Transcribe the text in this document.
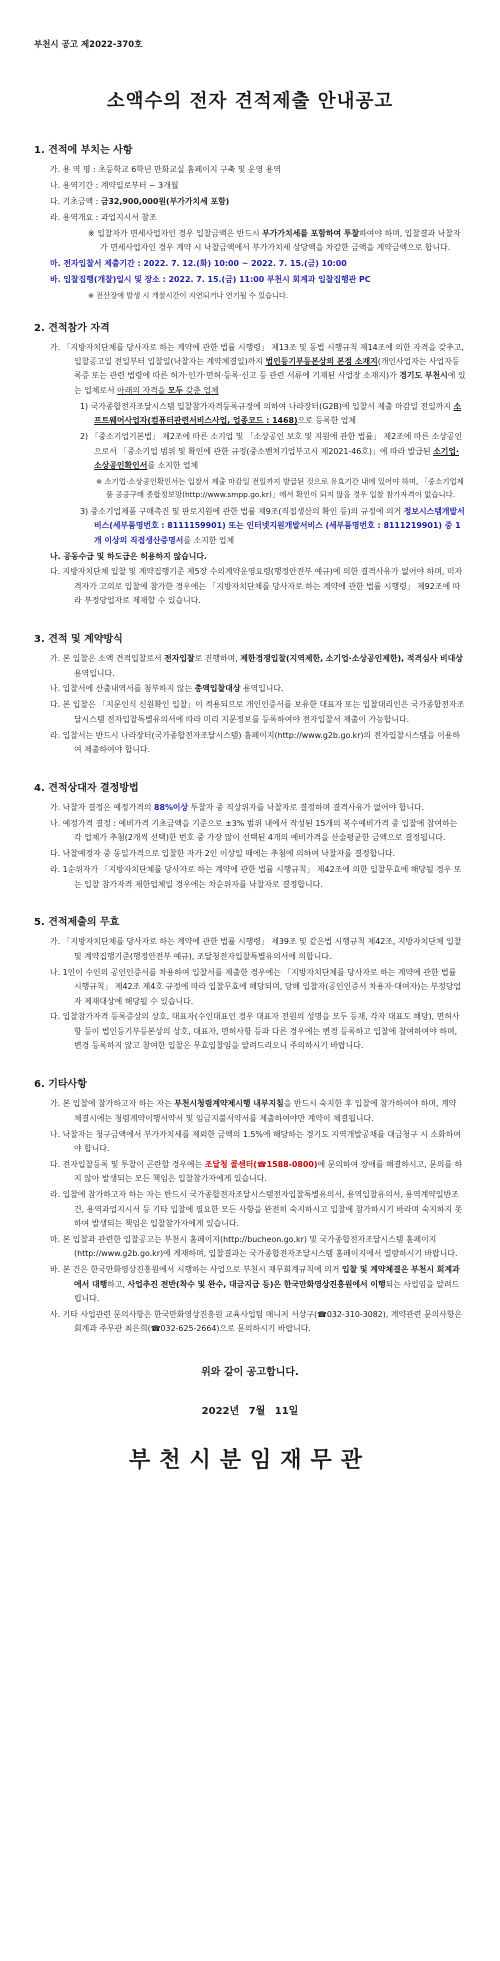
부천시 공고 제2022-370호
소액수의 전자 견적제출 안내공고
1. 견적에 부치는 사항
가. 용 역 명 : 초등학교 6학년 만화교실 홈페이지 구축 및 운영 용역
나. 용역기간 : 계약일로부터 ~ 3개월
다. 기초금액 : 금32,900,000원(부가가치세 포함)
라. 용역개요 : 과업지시서 참조
※ 입찰자가 면세사업자인 경우 입찰금액은 반드시 부가가치세를 포함하여 투찰하여야 하며, 입찰결과 낙찰자가 면세사업자인 경우 계약 시 낙찰금액에서 부가가치세 상당액을 차감한 금액을 계약금액으로 합니다.
마. 전자입찰서 제출기간 : 2022. 7. 12.(화) 10:00 ~ 2022. 7. 15.(금) 10:00
바. 입찰집행(개찰)일시 및 장소 : 2022. 7. 15.(금) 11:00 부천시 회계과 입찰집행관 PC
※ 전산장애 발생 시 개찰시간이 지연되거나 연기될 수 있습니다.
2. 견적참가 자격
가. 「지방자치단체를 당사자로 하는 계약에 관한 법률 시행령」 제13조 및 동법 시행규칙 제14조에 의한 자격을 갖추고, 입찰공고일 전일부터 입찰일(낙찰자는 계약체결일)까지 법인등기부등본상의 본점 소재지(개인사업자는 사업자등록증 또는 관련 법령에 따른 허가·인가·면허·등록·신고 등 관련 서류에 기재된 사업장 소재지)가 경기도 부천시에 있는 업체로서 아래의 자격을 모두 갖춘 업체
1) 국가종합전자조달시스템 입찰참가자격등록규정에 의하여 나라장터(G2B)에 입찰서 제출 마감일 전일까지 소프트웨어사업자(컴퓨터관련서비스사업, 업종코드 : 1468)으로 등록한 업체
2) 「중소기업기본법」 제2조에 따른 소기업 및 「소상공인 보호 및 지원에 관한 법률」 제2조에 따른 소상공인으로서 「중소기업 범위 및 확인에 관한 규정(중소벤처기업부고시 제2021-46호)」에 따라 발급된 소기업·소상공인확인서를 소지한 업체
※ 소기업·소상공인확인서는 입찰서 제출 마감일 전일까지 발급된 것으로 유효기간 내에 있어야 하며, 「중소기업제품 공공구매 종합정보망(http://www.smpp.go.kr)」에서 확인이 되지 않을 경우 입찰 참가자격이 없습니다.
3) 중소기업제품 구매촉진 및 판로지원에 관한 법률 제9조(직접생산의 확인 등)의 규정에 의거 정보시스템개발서비스(세부품명번호 : 8111159901) 또는 인터넷지원개발서비스 (세부품명번호 : 8111219901) 중 1개 이상의 직접생산증명서를 소지한 업체
나. 공동수급 및 하도급은 허용하지 않습니다.
다. 지방자치단체 입찰 및 계약집행기준 제5장 수의계약운영요령(행정안전부 예규)에 의한 결격사유가 없어야 하며, 미자격자가 고의로 입찰에 참가한 경우에는 「지방자치단체를 당사자로 하는 계약에 관한 법률 시행령」 제92조에 따라 부정당업자로 제재할 수 있습니다.
3. 견적 및 계약방식
가. 본 입찰은 소액 견적입찰로서 전자입찰로 진행하며, 제한경쟁입찰(지역제한, 소기업·소상공인제한), 적격심사 비대상 용역입니다.
나. 입찰서에 산출내역서를 첨부하지 않는 총액입찰대상 용역입니다.
다. 본 입찰은 「지문인식 신원확인 입찰」이 적용되므로 개인인증서를 보유한 대표자 또는 입찰대리인은 국가종합전자조달시스템 전자입찰특별유의서에 따라 미리 지문정보를 등록하여야 전자입찰서 제출이 가능합니다.
라. 입찰서는 반드시 나라장터(국가종합전자조달시스템) 홈페이지(http://www.g2b.go.kr)의 전자입찰시스템을 이용하여 제출하여야 합니다.
4. 견적상대자 결정방법
가. 낙찰자 결정은 예정가격의 88%이상 투찰자 중 직상위자를 낙찰자로 결정하며 결격사유가 없어야 합니다.
나. 예정가격 결정 : 예비가격 기초금액을 기준으로 ±3% 범위 내에서 작성된 15개의 복수예비가격 중 입찰에 참여하는 각 업체가 추첨(2개씩 선택)한 번호 중 가장 많이 선택된 4개의 예비가격을 산술평균한 금액으로 결정됩니다.
다. 낙찰예정자 중 동일가격으로 입찰한 자가 2인 이상일 때에는 추첨에 의하여 낙찰자를 결정합니다.
라. 1순위자가 「지방자치단체를 당사자로 하는 계약에 관한 법률 시행규칙」 제42조에 의한 입찰무효에 해당될 경우 또는 입찰 참가자격 제한업체일 경우에는 차순위자를 낙찰자로 결정합니다.
5. 견적제출의 무효
가. 「지방자치단체를 당사자로 하는 계약에 관한 법률 시행령」 제39조 및 같은법 시행규칙 제42조, 지방자치단체 입찰 및 계약집행기준(행정안전부 예규), 조달청전자입찰특별유의서에 의합니다.
나. 1인이 수인의 공인인증서를 차용하여 입찰서를 제출한 경우에는 「지방자치단체를 당사자로 하는 계약에 관한 법률 시행규칙」 제42조 제4호 규정에 따라 입찰무효에 해당되며, 당해 입찰자(공인인증서 차용자·대여자)는 부정당업자 제재대상에 해당될 수 있습니다.
다. 입찰참가자격 등록증상의 상호, 대표자(수인대표인 경우 대표자 전원의 성명을 모두 등재, 각자 대표도 해당), 면허사항 등이 법인등기부등본상의 상호, 대표자, 면허사항 등과 다른 경우에는 변경 등록하고 입찰에 참여하여야 하며, 변경 등록하지 않고 참여한 입찰은 무효입찰임을 알려드리오니 주의하시기 바랍니다.
6. 기타사항
가. 본 입찰에 참가하고자 하는 자는 부천시청렴계약제시행 내부지침을 반드시 숙지한 후 입찰에 참가하여야 하며, 계약 체결시에는 청렴계약이행서약서 및 임금지불서약서를 제출하여야만 계약이 체결됩니다.
나. 낙찰자는 청구금액에서 부가가치세를 제외한 금액의 1.5%에 해당하는 경기도 지역개발공채를 대금청구 시 소화하여야 합니다.
다. 전자입찰등록 및 투찰이 곤란할 경우에는 조달청 콜센터(☎1588-0800)에 문의하여 장애를 해결하시고, 문의를 하지 않아 발생되는 모든 책임은 입찰참가자에게 있습니다.
라. 입찰에 참가하고자 하는 자는 반드시 국가종합전자조달시스템전자입찰특별유의서, 용역입찰유의서, 용역계약일반조건, 용역과업지시서 등 기타 입찰에 필요한 모든 사항을 완전히 숙지하시고 입찰에 참가하시기 바라며 숙지하지 못하여 발생되는 책임은 입찰참가자에게 있습니다.
마. 본 입찰과 관련한 입찰공고는 부천시 홈페이지(http://bucheon.go.kr) 및 국가종합전자조달시스템 홈페이지(http://www.g2b.go.kr)에 게재하며, 입찰결과는 국가종합전자조달시스템 홈페이지에서 열람하시기 바랍니다.
바. 본 건은 한국만화영상진흥원에서 시행하는 사업으로 부천시 재무회계규칙에 의거 입찰 및 계약체결은 부천시 회계과에서 대행하고, 사업추진 전반(착수 및 완수, 대금지급 등)은 한국만화영상진흥원에서 이행되는 사업임을 알려드립니다.
사. 기타 사업관련 문의사항은 한국만화영상진흥원 교육사업팀 매니저 서상구(☎032-310-3082), 계약관련 문의사항은 회계과 주무관 최은희(☎032-625-2664)으로 문의하시기 바랍니다.
위와 같이 공고합니다.
2022년 7월 11일
부천시분임재무관
